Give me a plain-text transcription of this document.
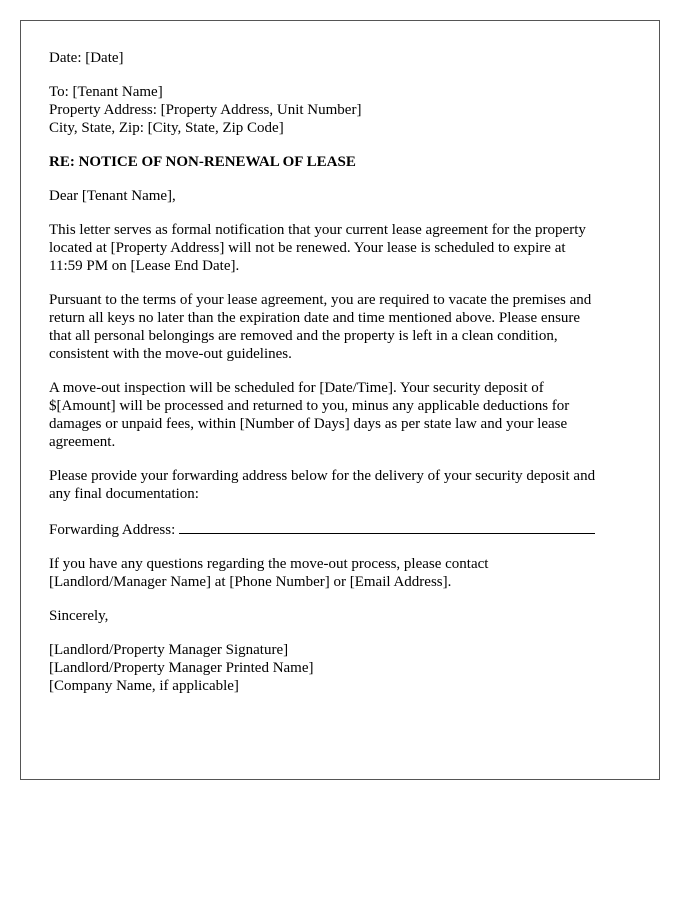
Date: [Date]
To: [Tenant Name]
Property Address: [Property Address, Unit Number]
City, State, Zip: [City, State, Zip Code]
RE: NOTICE OF NON-RENEWAL OF LEASE
Dear [Tenant Name],
This letter serves as formal notification that your current lease agreement for the property
located at [Property Address] will not be renewed. Your lease is scheduled to expire at
11:59 PM on [Lease End Date].
Pursuant to the terms of your lease agreement, you are required to vacate the premises and
return all keys no later than the expiration date and time mentioned above. Please ensure
that all personal belongings are removed and the property is left in a clean condition,
consistent with the move-out guidelines.
A move-out inspection will be scheduled for [Date/Time]. Your security deposit of
$[Amount] will be processed and returned to you, minus any applicable deductions for
damages or unpaid fees, within [Number of Days] days as per state law and your lease
agreement.
Please provide your forwarding address below for the delivery of your security deposit and
any final documentation:
Forwarding Address:
If you have any questions regarding the move-out process, please contact
[Landlord/Manager Name] at [Phone Number] or [Email Address].
Sincerely,
[Landlord/Property Manager Signature]
[Landlord/Property Manager Printed Name]
[Company Name, if applicable]
